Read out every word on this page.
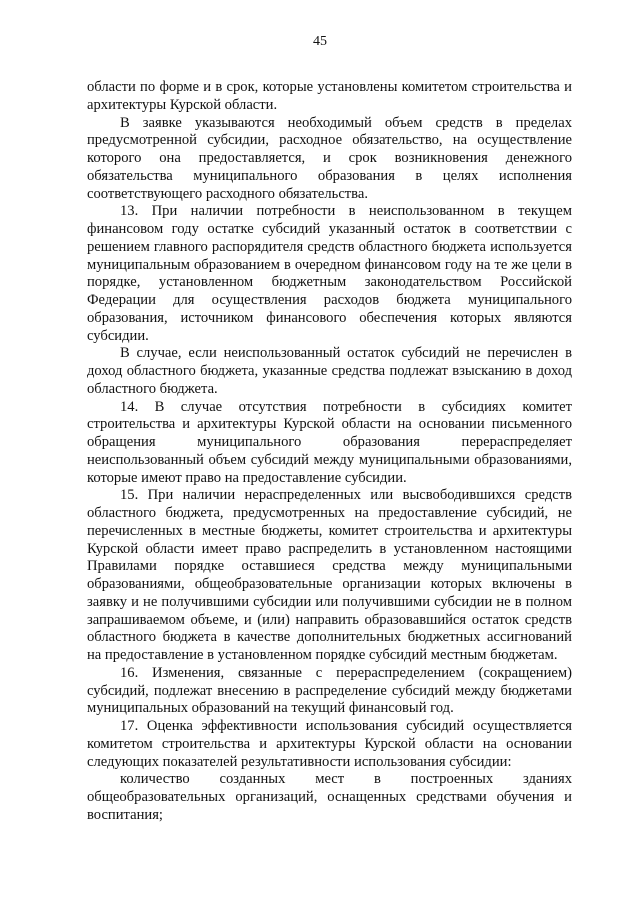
45

области по форме и в срок, которые установлены комитетом строительства и архитектуры Курской области.

В заявке указываются необходимый объем средств в пределах предусмотренной субсидии, расходное обязательство, на осуществление которого она предоставляется, и срок возникновения денежного обязательства муниципального образования в целях исполнения соответствующего расходного обязательства.

13. При наличии потребности в неиспользованном в текущем финансовом году остатке субсидий указанный остаток в соответствии с решением главного распорядителя средств областного бюджета используется муниципальным образованием в очередном финансовом году на те же цели в порядке, установленном бюджетным законодательством Российской Федерации для осуществления расходов бюджета муниципального образования, источником финансового обеспечения которых являются субсидии.

В случае, если неиспользованный остаток субсидий не перечислен в доход областного бюджета, указанные средства подлежат взысканию в доход областного бюджета.

14. В случае отсутствия потребности в субсидиях комитет строительства и архитектуры Курской области на основании письменного обращения муниципального образования перераспределяет неиспользованный объем субсидий между муниципальными образованиями, которые имеют право на предоставление субсидии.

15. При наличии нераспределенных или высвободившихся средств областного бюджета, предусмотренных на предоставление субсидий, не перечисленных в местные бюджеты, комитет строительства и архитектуры Курской области имеет право распределить в установленном настоящими Правилами порядке оставшиеся средства между муниципальными образованиями, общеобразовательные организации которых включены в заявку и не получившими субсидии или получившими субсидии не в полном запрашиваемом объеме, и (или) направить образовавшийся остаток средств областного бюджета в качестве дополнительных бюджетных ассигнований на предоставление в установленном порядке субсидий местным бюджетам.

16. Изменения, связанные с перераспределением (сокращением) субсидий, подлежат внесению в распределение субсидий между бюджетами муниципальных образований на текущий финансовый год.

17. Оценка эффективности использования субсидий осуществляется комитетом строительства и архитектуры Курской области на основании следующих показателей результативности использования субсидии:

количество созданных мест в построенных зданиях общеобразовательных организаций, оснащенных средствами обучения и воспитания;
